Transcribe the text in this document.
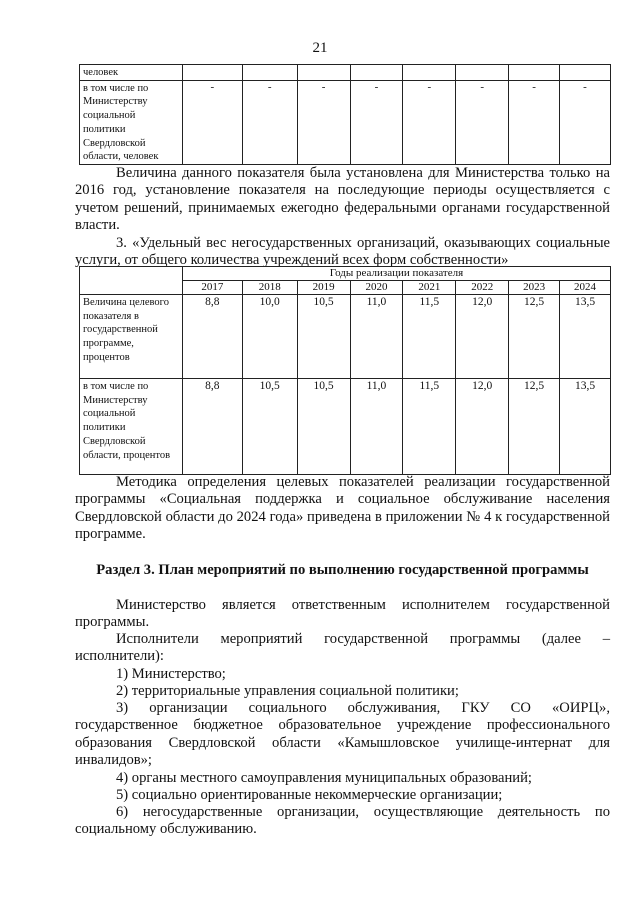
21
человек								
в том числе по Министерству социальной политики Свердловской области, человек	-	-	-	-	-	-	-	-
Величина данного показателя была установлена для Министерства только на 2016 год, установление показателя на последующие периоды осуществляется с учетом решений, принимаемых ежегодно федеральными органами государственной власти.
3. «Удельный вес негосударственных организаций, оказывающих социальные услуги, от общего количества учреждений всех форм собственности»
	Годы реализации показателя							
	2017	2018	2019	2020	2021	2022	2023	2024
Величина целевого показателя в государственной программе, процентов	8,8	10,0	10,5	11,0	11,5	12,0	12,5	13,5
в том числе по Министерству социальной политики Свердловской области, процентов	8,8	10,5	10,5	11,0	11,5	12,0	12,5	13,5
Методика определения целевых показателей реализации государственной программы «Социальная поддержка и социальное обслуживание населения Свердловской области до 2024 года» приведена в приложении № 4 к государственной программе.
Раздел 3. План мероприятий по выполнению государственной программы
Министерство является ответственным исполнителем государственной программы.
Исполнители мероприятий государственной программы (далее – исполнители):
1) Министерство;
2) территориальные управления социальной политики;
3) организации социального обслуживания, ГКУ СО «ОИРЦ», государственное бюджетное образовательное учреждение профессионального образования Свердловской области «Камышловское училище-интернат для инвалидов»;
4) органы местного самоуправления муниципальных образований;
5) социально ориентированные некоммерческие организации;
6) негосударственные организации, осуществляющие деятельность по социальному обслуживанию.
